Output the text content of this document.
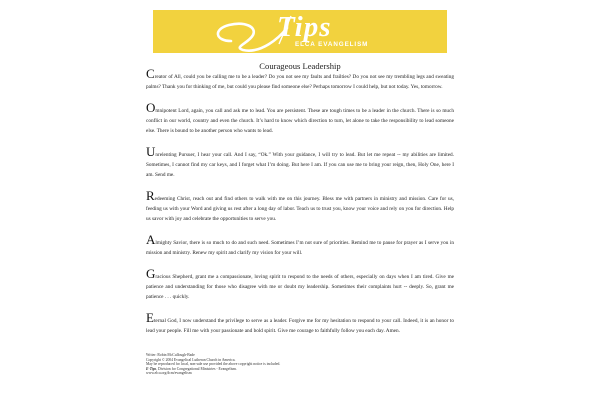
Tips
ELCA EVANGELISM
Courageous Leadership

Creator of All, could you be calling me to be a leader? Do you not see my faults and frailties? Do you not see my trembling legs and sweating palms? Thank you for thinking of me, but could you please find someone else? Perhaps tomorrow I could help, but not today. Yes, tomorrow.

Omnipotent Lord, again, you call and ask me to lead. You are persistent. These are tough times to be a leader in the church. There is so much conflict in our world, country and even the church. It’s hard to know which direction to turn, let alone to take the responsibility to lead someone else. There is bound to be another person who wants to lead.

Unrelenting Pursuer, I hear your call. And I say, “Ok.” With your guidance, I will try to lead. But let me repeat -- my abilities are limited. Sometimes, I cannot find my car keys, and I forget what I’m doing. But here I am. If you can use me to bring your reign, then, Holy One, here I am. Send me.

Redeeming Christ, reach out and find others to walk with me on this journey. Bless me with partners in ministry and mission. Care for us, feeding us with your Word and giving us rest after a long day of labor. Teach us to trust you, know your voice and rely on you for direction. Help us savor with joy and celebrate the opportunities to serve you.

Almighty Savior, there is so much to do and such need. Sometimes I’m not sure of priorities. Remind me to pause for prayer as I serve you in mission and ministry. Renew my spirit and clarify my vision for your will.

Gracious Shepherd, grant me a compassionate, loving spirit to respond to the needs of others, especially on days when I am tired. Give me patience and understanding for those who disagree with me or doubt my leadership. Sometimes their complaints hurt -- deeply. So, grant me patience . . . quickly.

Eternal God, I now understand the privilege to serve as a leader. Forgive me for my hesitation to respond to your call. Indeed, it is an honor to lead your people. Fill me with your passionate and bold spirit. Give me courage to faithfully follow you each day. Amen.

Writer: Robin McCullough-Bade
Copyright © 2004 Evangelical Lutheran Church in America.
May be reproduced for local, non-sale use provided the above copyright notice is included.
E-Tips, Division for Congregational Ministries - Evangelism.
www.elca.org/dcm/evangelism
